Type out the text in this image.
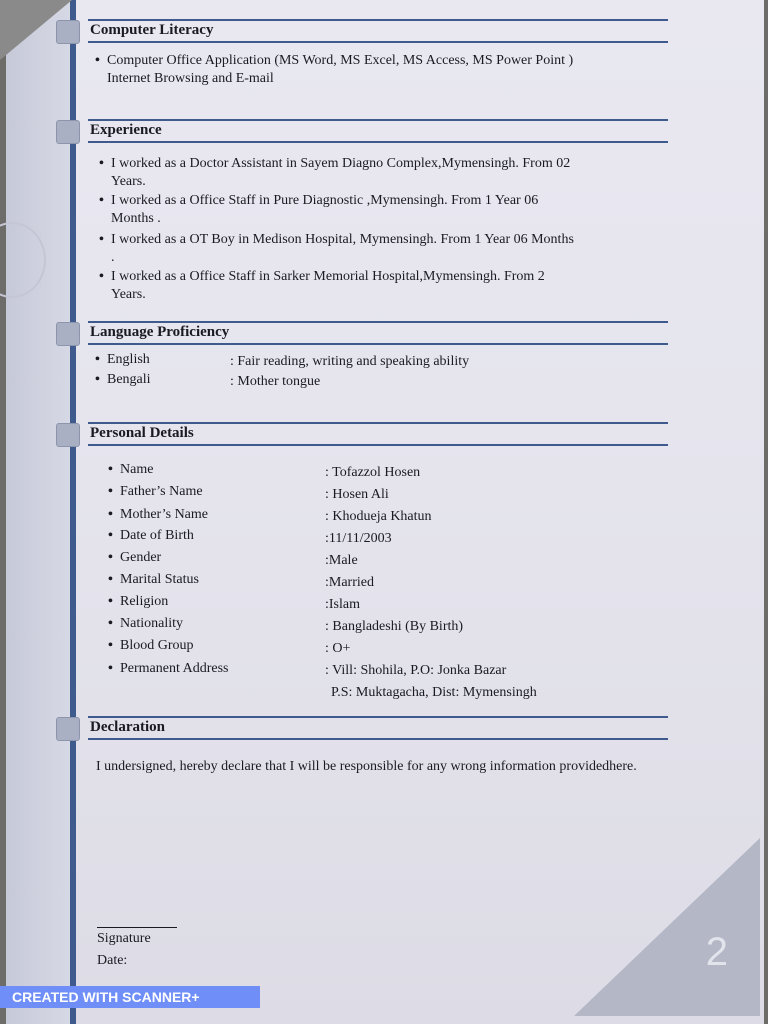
2
Computer Literacy
• Computer Office Application (MS Word, MS Excel, MS Access, MS Power Point )
Internet Browsing and E-mail
Experience
• I worked as a Doctor Assistant in Sayem Diagno Complex,Mymensingh. From 02
Years.
• I worked as a Office Staff in Pure Diagnostic ,Mymensingh. From 1 Year 06
Months .
• I worked as a OT Boy in Medison Hospital, Mymensingh. From 1 Year 06 Months
.
• I worked as a Office Staff in Sarker Memorial Hospital,Mymensingh. From 2
Years.
Language Proficiency
• English	: Fair reading, writing and speaking ability
• Bengali	: Mother tongue
Personal Details
• Name	: Tofazzol Hosen
• Father’s Name	: Hosen Ali
• Mother’s Name	: Khodueja Khatun
• Date of Birth	:11/11/2003
• Gender	:Male
• Marital Status	:Married
• Religion	:Islam
• Nationality	: Bangladeshi (By Birth)
• Blood Group	: O+
• Permanent Address	: Vill: Shohila, P.O: Jonka Bazar
P.S: Muktagacha, Dist: Mymensingh
Declaration
I undersigned, hereby declare that I will be responsible for any wrong information providedhere.
Signature
Date:
CREATED WITH SCANNER+
